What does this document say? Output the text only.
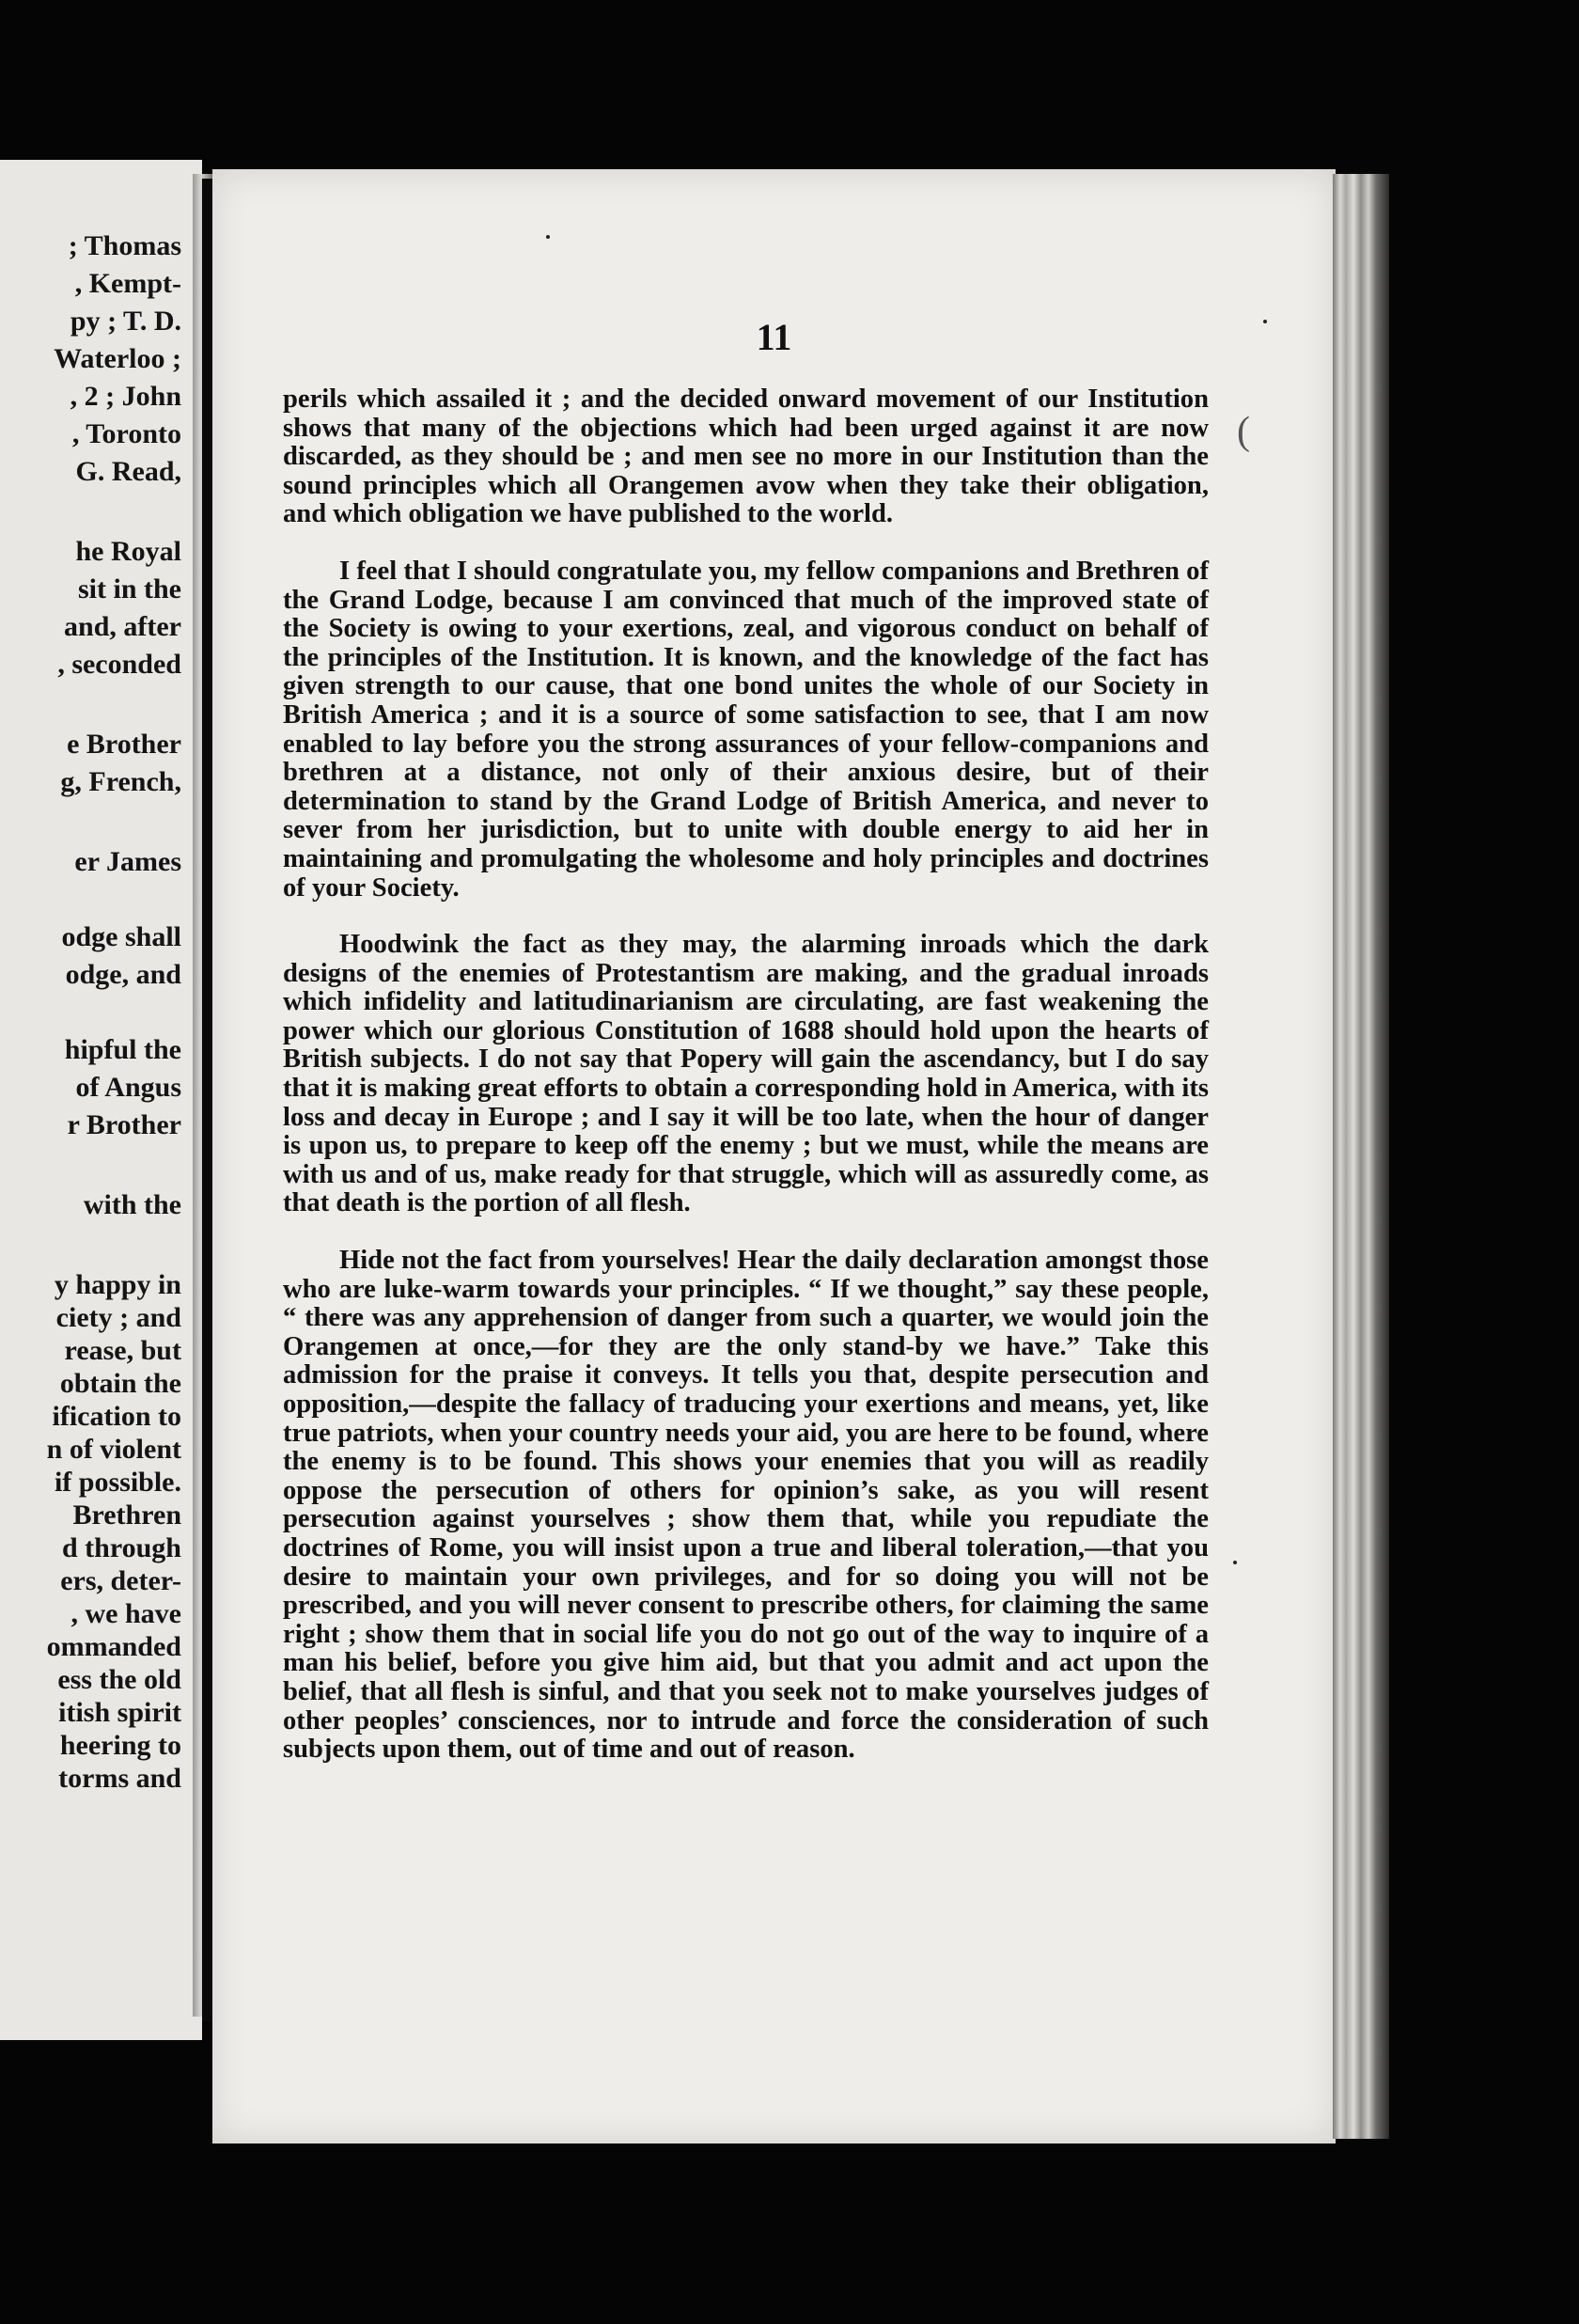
; Thomas
, Kempt-
py ; T. D.
Waterloo ;
, 2 ; John
, Toronto
G. Read,
he Royal
sit in the
and, after
, seconded
e Brother
g, French,
er James
odge shall
odge, and
hipful the
of Angus
r Brother
with the
y happy in
ciety ; and
rease, but
obtain the
ification to
n of violent
if possible.
Brethren
d through
ers, deter-
, we have
ommanded
ess the old
itish spirit
heering to
torms and
11
(

perils which assailed it ; and the decided onward movement of our Institution shows that many of the objections which had been urged against it are now discarded, as they should be ; and men see no more in our Institution than the sound principles which all Orangemen avow when they take their obligation, and which obligation we have published to the world.

I feel that I should congratulate you, my fellow companions and Brethren of the Grand Lodge, because I am convinced that much of the improved state of the Society is owing to your exertions, zeal, and vigorous conduct on behalf of the principles of the Institution. It is known, and the knowledge of the fact has given strength to our cause, that one bond unites the whole of our Society in British America ; and it is a source of some satisfaction to see, that I am now enabled to lay before you the strong assurances of your fellow-companions and brethren at a distance, not only of their anxious desire, but of their determination to stand by the Grand Lodge of British America, and never to sever from her jurisdiction, but to unite with double energy to aid her in maintaining and promulgating the wholesome and holy principles and doctrines of your Society.

Hoodwink the fact as they may, the alarming inroads which the dark designs of the enemies of Protestantism are making, and the gradual inroads which infidelity and latitudinarianism are circulating, are fast weakening the power which our glorious Constitution of 1688 should hold upon the hearts of British subjects. I do not say that Popery will gain the ascendancy, but I do say that it is making great efforts to obtain a corresponding hold in America, with its loss and decay in Europe ; and I say it will be too late, when the hour of danger is upon us, to prepare to keep off the enemy ; but we must, while the means are with us and of us, make ready for that struggle, which will as assuredly come, as that death is the portion of all flesh.

Hide not the fact from yourselves! Hear the daily declaration amongst those who are luke-warm towards your principles. “ If we thought,” say these people, “ there was any apprehension of danger from such a quarter, we would join the Orangemen at once,—for they are the only stand-by we have.” Take this admission for the praise it conveys. It tells you that, despite persecution and opposition,—despite the fallacy of traducing your exertions and means, yet, like true patriots, when your country needs your aid, you are here to be found, where the enemy is to be found. This shows your enemies that you will as readily oppose the persecution of others for opinion’s sake, as you will resent persecution against yourselves ; show them that, while you repudiate the doctrines of Rome, you will insist upon a true and liberal toleration,—that you desire to maintain your own privileges, and for so doing you will not be prescribed, and you will never consent to prescribe others, for claiming the same right ; show them that in social life you do not go out of the way to inquire of a man his belief, before you give him aid, but that you admit and act upon the belief, that all flesh is sinful, and that you seek not to make yourselves judges of other peoples’ consciences, nor to intrude and force the consideration of such subjects upon them, out of time and out of reason.
